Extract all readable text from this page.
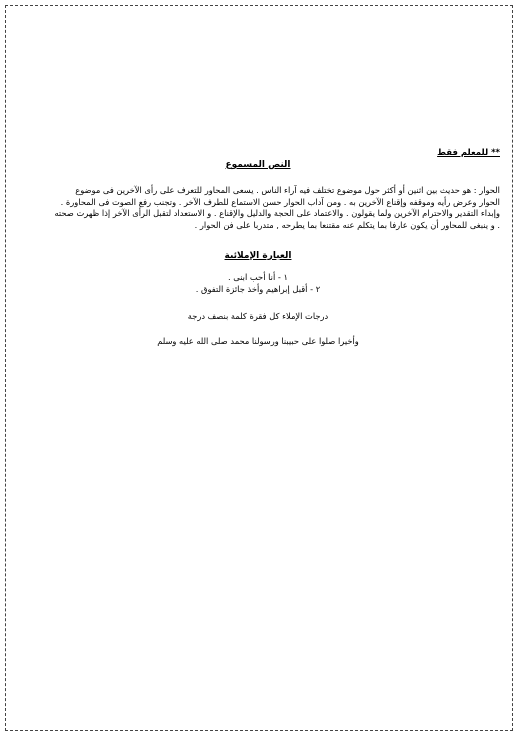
** للمعلم فقط

النص المسموع

الحوار : هو حديث بين اثنين أو أكثر حول موضوع تختلف فيه آراء الناس . يسعى المحاور للتعرف على رأى الآخرين فى موضوع
الحوار وعرض رأيه وموقفه وإقناع الآخرين به . ومن آداب الحوار حسن الاستماع للطرف الآخر . وتجنب رفع الصوت فى المحاورة .
وإبداء التقدير والاحترام الآخرين ولما يقولون . والاعتماد على الحجة والدليل والإقناع . و الاستعداد لتقبل الرأى الآخر إذا ظهرت صحته
. و ينبغى للمحاور أن يكون عارفا بما يتكلم عنه مقتنعا بما يطرحه , متدربا على فن الحوار .

العبارة الإملائية

١ - أنا أحب ابنى .
٢ - أقبل إبراهيم وأخذ جائزة التفوق .

درجات الإملاء كل فقرة كلمة بنصف درجة

وأخيرا صلوا على حبيبنا ورسولنا محمد صلى الله عليه وسلم
